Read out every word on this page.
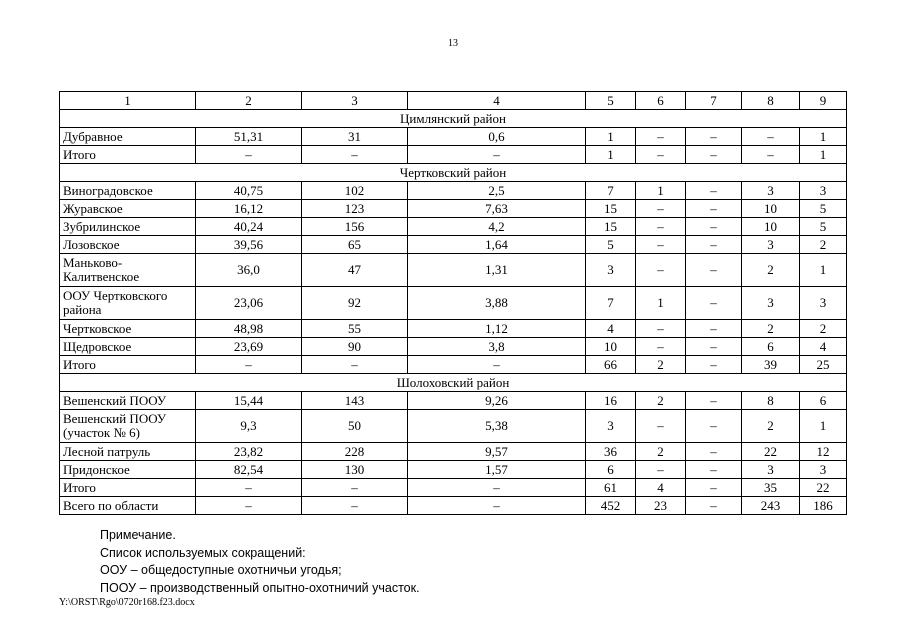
13
1	2	3	4	5	6	7	8	9
Цимлянский район								
Дубравное	51,31	31	0,6	1	–	–	–	1
Итого	–	–	–	1	–	–	–	1
Чертковский район								
Виноградовское	40,75	102	2,5	7	1	–	3	3
Журавское	16,12	123	7,63	15	–	–	10	5
Зубрилинское	40,24	156	4,2	15	–	–	10	5
Лозовское	39,56	65	1,64	5	–	–	3	2
Маньково-Калитвенское	36,0	47	1,31	3	–	–	2	1
ООУ Чертковского района	23,06	92	3,88	7	1	–	3	3
Чертковское	48,98	55	1,12	4	–	–	2	2
Щедровское	23,69	90	3,8	10	–	–	6	4
Итого	–	–	–	66	2	–	39	25
Шолоховский район								
Вешенский ПООУ	15,44	143	9,26	16	2	–	8	6
Вешенский ПООУ (участок № 6)	9,3	50	5,38	3	–	–	2	1
Лесной патруль	23,82	228	9,57	36	2	–	22	12
Придонское	82,54	130	1,57	6	–	–	3	3
Итого	–	–	–	61	4	–	35	22
Всего по области	–	–	–	452	23	–	243	186
Примечание.
Список используемых сокращений:
ООУ – общедоступные охотничьи угодья;
ПООУ – производственный опытно-охотничий участок.
Y:\ORST\Rgo\0720r168.f23.docx
